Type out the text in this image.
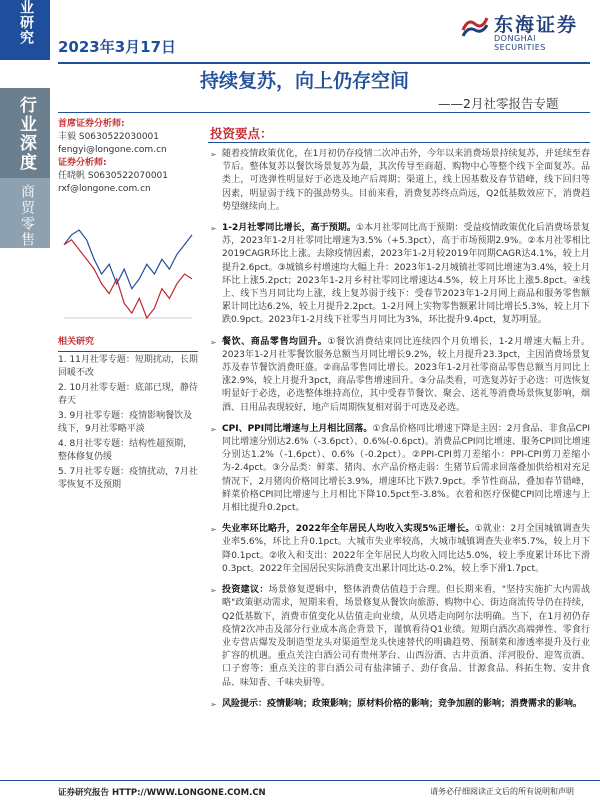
业研究
行业深度
商贸零售
2023年3月17日
东海证券
DONGHAI SECURITIES
持续复苏，向上仍存空间
——2月社零报告专题
首席证券分析师:
丰毅 S0630522030001
fengyi@longone.com.cn
证券分析师:
任晓帆 S0630522070001
rxf@longone.com.cn
相关研究
1. 11月社零专题：短期扰动，长期回暖不改
2. 10月社零专题：底部已现，静待春天
3. 9月社零专题：疫情影响餐饮及线下，9月社零略平淡
4. 8月社零专题：结构性超预期，整体修复仍缓
5. 7月社零专题：疫情扰动，7月社零恢复不及预期
投资要点：
➢ 随着疫情政策优化，在1月初仍存疫情二次冲击外，今年以来消费场景持续复苏，并延续至春节后。整体复苏以餐饮场景复苏为最，其次传导至商超、购物中心等整个线下全面复苏。品类上，可选弹性明显好于必选及地产后周期；渠道上，线上因基数及春节错峰，线下回归等因素，明显弱于线下的强劲势头。目前来看，消费复苏终点尚远，Q2低基数效应下，消费趋势望继续向上。
➢ 1-2月社零同比增长，高于预期。①本月社零同比高于预期：受益疫情政策优化后消费场景复苏，2023年1-2月社零同比增速为3.5%（+5.3pct），高于市场预期2.9%。②本月社零相比2019CAGR环比上涨。去除疫情因素，2023年1-2月较2019年同期CAGR达4.1%，较上月提升2.6pct。③城镇乡村增速均大幅上升：2023年1-2月城镇社零同比增速为3.4%，较上月环比上涨5.2pct；2023年1-2月乡村社零同比增速达4.5%，较上月环比上涨5.8pct。④线上、线下当月同比均上涨，线上复苏弱于线下：受春节2023年1-2月网上商品和服务零售额累计同比达6.2%，较上月提升2.2pct。1-2月网上实物零售额累计同比增长5.3%，较上月下跌0.9pct。2023年1-2月线下社零当月同比为3%，环比提升9.4pct，复苏明显。
➢ 餐饮、商品零售均回升。①餐饮消费结束同比连续四个月负增长，1-2月增速大幅上升。2023年1-2月社零餐饮服务总额当月同比增长9.2%，较上月提升23.3pct，主因消费场景复苏及春节餐饮消费旺盛。②商品零售同比增长。2023年1-2月社零商品零售总额当月同比上涨2.9%，较上月提升3pct，商品零售增速回升。③分品类看，可选复苏好于必选：可选恢复明显好于必选，必选整体维持高位，其中受春节餐饮、聚会、送礼等消费场景恢复影响，烟酒、日用品表现较好，地产后周期恢复相对弱于可选及必选。
➢ CPI、PPI同比增速与上月相比回落。①食品价格同比增速下降是主因：2月食品、非食品CPI同比增速分别达2.6%（-3.6pct）、0.6%(-0.6pct)。消费品CPI同比增速、服务CPI同比增速分别达1.2%（-1.6pct）、0.6%（-0.2pct）。②PPI-CPI剪刀差缩小：PPI-CPI剪刀差缩小为-2.4pct。③分品类：鲜菜、猪肉、水产品价格走弱：生猪节后需求回落叠加供给相对充足情况下，2月猪肉价格同比增长3.9%，增速环比下跌7.9pct。季节性商品，叠加春节错峰，鲜菜价格CPI同比增速与上月相比下降10.5pct至-3.8%。衣着和医疗保健CPI同比增速与上月相比提升0.2pct。
➢ 失业率环比略升，2022年全年居民人均收入实现5%正增长。①就业：2月全国城镇调查失业率5.6%，环比上升0.1pct。大城市失业率较高，大城市城镇调查失业率5.7%，较上月下降0.1pct。②收入和支出：2022年全年居民人均收入同比达5.0%，较上季度累计环比下滑0.3pct。2022年全国居民实际消费支出累计同比达-0.2%，较上季下滑1.7pct。
➢ 投资建议：场景修复逻辑中，整体消费估值趋于合理。但长期来看，"坚持实施扩大内需战略"政策驱动需求，短期来看，场景修复从餐饮向旅游、购物中心、街边商流传导仍在持续，Q2低基数下，消费市值变化从估值走向业绩，从贝塔走向阿尔法明确。当下，在1月初仍存疫情2次冲击及部分行业成本高企背景下，谨慎看待Q1业绩。短期白酒次高端弹性、零食行业专营店爆发及制造型龙头对渠道型龙头快速替代的明确趋势、预制菜和渗透率提升及行业扩容的机遇。重点关注白酒公司有贵州茅台、山西汾酒、古井贡酒、洋河股份、迎驾贡酒、口子窖等；重点关注的非白酒公司有盐津铺子、劲仔食品、甘源食品、科拓生物、安井食品、味知香、千味央厨等。
➢ 风险提示：疫情影响；政策影响；原材料价格的影响；竞争加剧的影响；消费需求的影响。
证券研究报告 HTTP://WWW.LONGONE.COM.CN	请务必仔细阅读正文后的所有说明和声明
